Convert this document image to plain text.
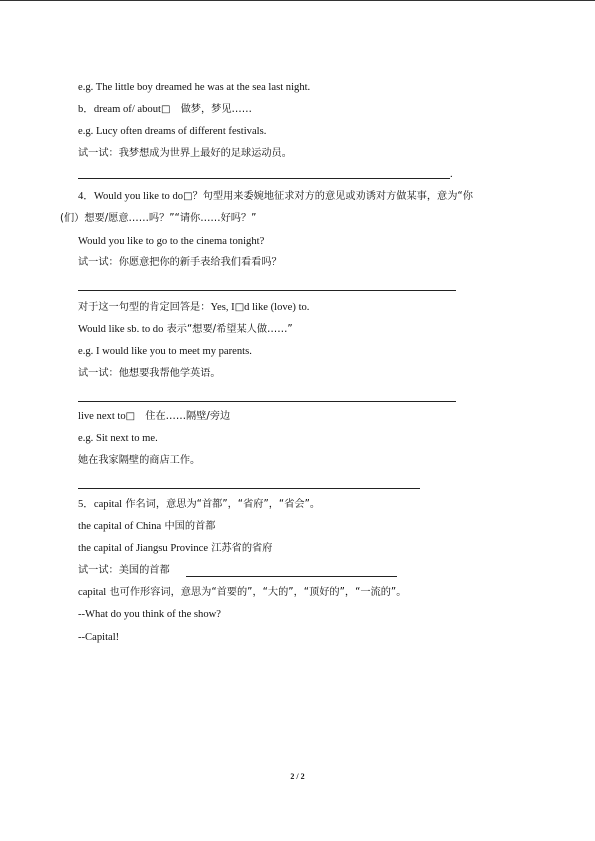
e.g. The little boy dreamed he was at the sea last night.
b．dream of/ about□　做梦，梦见……
e.g. Lucy often dreams of different festivals.
试一试：我梦想成为世界上最好的足球运动员。
.
4．Would you like to do□？句型用来委婉地征求对方的意见或劝诱对方做某事，意为“你
(们）想要/愿意……吗？”“请你……好吗？”
Would you like to go to the cinema tonight?
试一试：你愿意把你的新手表给我们看看吗？
对于这一句型的肯定回答是：Yes, I□d like (love) to.
Would like sb. to do 表示“想要/希望某人做……”
e.g. I would like you to meet my parents.
试一试：他想要我帮他学英语。
live next to□　住在……隔壁/旁边
e.g. Sit next to me.
她在我家隔壁的商店工作。
5．capital 作名词，意思为“首都”，“省府”，“省会”。
the capital of China 中国的首都
the capital of Jiangsu Province 江苏省的省府
试一试：美国的首都
capital 也可作形容词，意思为“首要的”，“大的”，“顶好的”，“一流的”。
--What do you think of the show?
--Capital!
2 / 2
